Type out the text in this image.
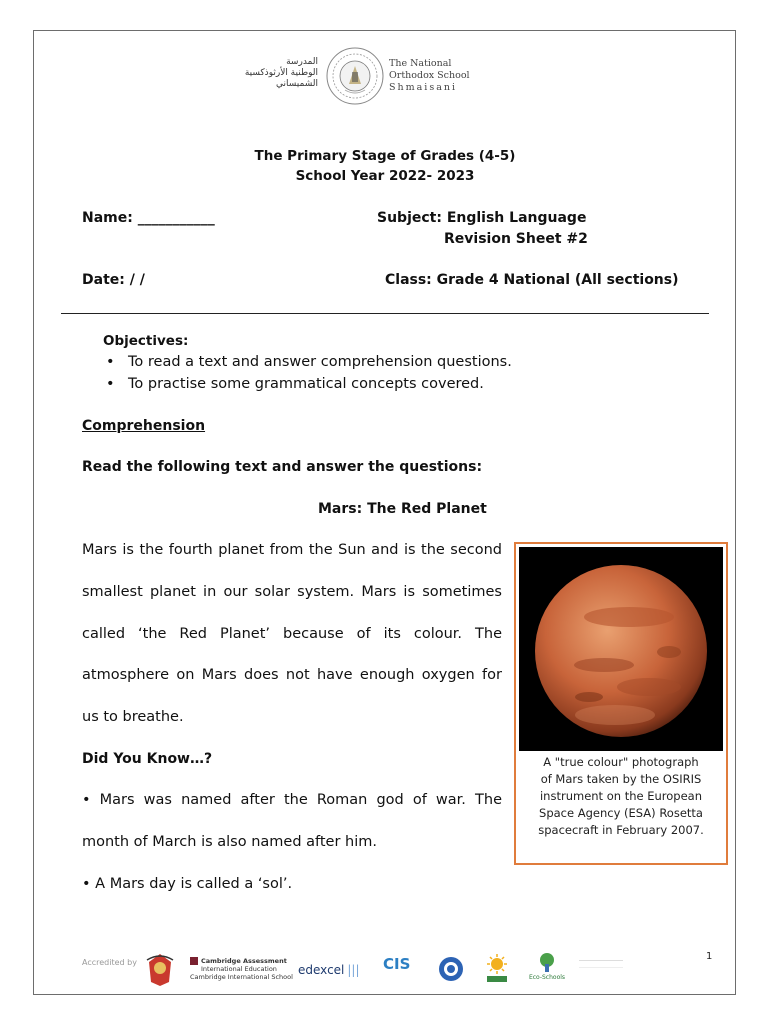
المدرسة
الوطنية الأرثوذكسية
الشميساني
The National
Orthodox School
Shmaisani
The Primary Stage of Grades (4-5)
School Year 2022- 2023
Name: ___________	Subject: English Language
Revision Sheet #2
Date: / /	Class: Grade 4 National (All sections)
Objectives:
• To read a text and answer comprehension questions.
• To practise some grammatical concepts covered.
Comprehension
Read the following text and answer the questions:
Mars: The Red Planet
Mars is the fourth planet from the Sun and is the second
smallest planet in our solar system. Mars is sometimes
called ‘the Red Planet’ because of its colour. The
atmosphere on Mars does not have enough oxygen for
us to breathe.
Did You Know…?
• Mars was named after the Roman god of war. The
month of March is also named after him.
• A Mars day is called a ‘sol’.
A "true colour" photograph
of Mars taken by the OSIRIS
instrument on the European
Space Agency (ESA) Rosetta
spacecraft in February 2007.
Accredited by	Cambridge Assessment
International Education
Cambridge International School edexcel ||| CIS
Eco-Schools
1
